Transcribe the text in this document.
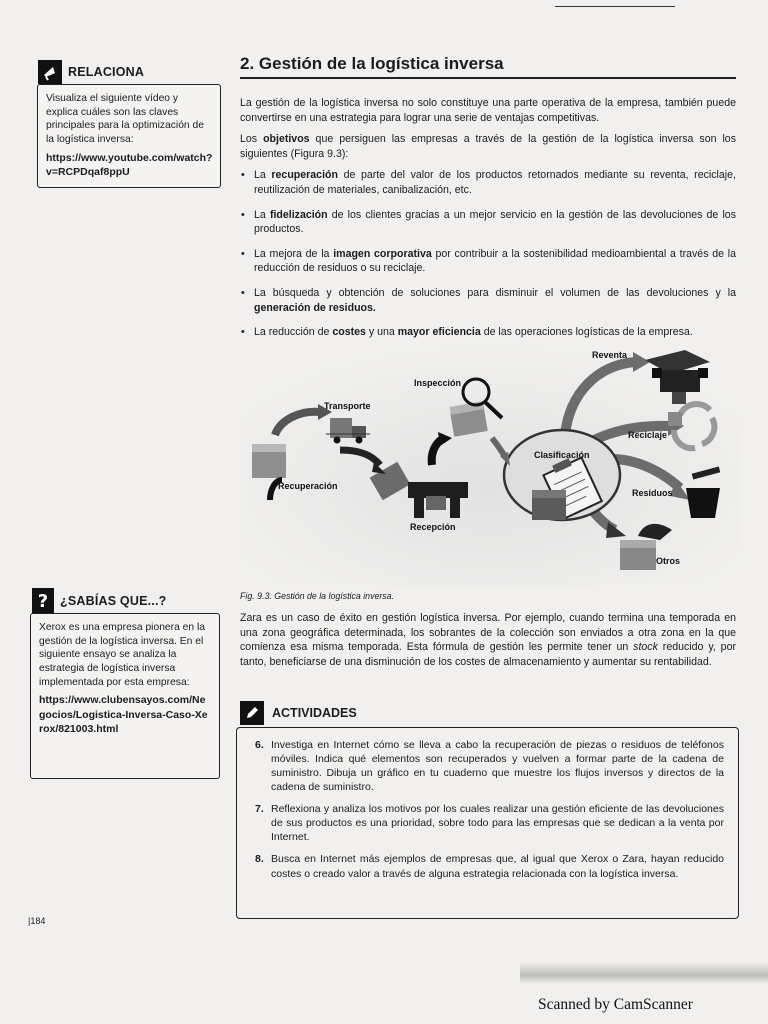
RELACIONA

Visualiza el siguiente vídeo y explica cuáles son las claves principales para la optimización de la logística inversa:

https://www.youtube.com/watch?v=RCPDqaf8ppU
? ¿SABÍAS QUE...?

Xerox es una empresa pionera en la gestión de la logística inversa. En el siguiente ensayo se analiza la estrategia de logística inversa implementada por esta empresa:

https://www.clubensayos.com/Negocios/Logistica-Inversa-Caso-Xerox/821003.html
2. Gestión de la logística inversa

La gestión de la logística inversa no solo constituye una parte operativa de la empresa, también puede convertirse en una estrategia para lograr una serie de ventajas competitivas.

Los objetivos que persiguen las empresas a través de la gestión de la logística inversa son los siguientes (Figura 9.3):

• La recuperación de parte del valor de los productos retornados mediante su reventa, reciclaje, reutilización de materiales, canibalización, etc.
• La fidelización de los clientes gracias a un mejor servicio en la gestión de las devoluciones de los productos.
• La mejora de la imagen corporativa por contribuir a la sostenibilidad medioambiental a través de la reducción de residuos o su reciclaje.
• La búsqueda y obtención de soluciones para disminuir el volumen de las devoluciones y la generación de residuos.
• La reducción de costes y una mayor eficiencia de las operaciones logísticas de la empresa.
Reventa
Inspección
Transporte
Reciclaje
Clasificación
Recuperación
Residuos
Recepción
Otros
Fig. 9.3. Gestión de la logística inversa.

Zara es un caso de éxito en gestión logística inversa. Por ejemplo, cuando termina una temporada en una zona geográfica determinada, los sobrantes de la colección son enviados a otra zona en la que comienza esa misma temporada. Esta fórmula de gestión les permite tener un stock reducido y, por tanto, beneficiarse de una disminución de los costes de almacenamiento y aumentar su rentabilidad.

ACTIVIDADES
6. Investiga en Internet cómo se lleva a cabo la recuperación de piezas o residuos de teléfonos móviles. Indica qué elementos son recuperados y vuelven a formar parte de la cadena de suministro. Dibuja un gráfico en tu cuaderno que muestre los flujos inversos y directos de la cadena de suministro.
7. Reflexiona y analiza los motivos por los cuales realizar una gestión eficiente de las devoluciones de sus productos es una prioridad, sobre todo para las empresas que se dedican a la venta por Internet.
8. Busca en Internet más ejemplos de empresas que, al igual que Xerox o Zara, hayan reducido costes o creado valor a través de alguna estrategia relacionada con la logística inversa.
|184
Scanned by CamScanner
